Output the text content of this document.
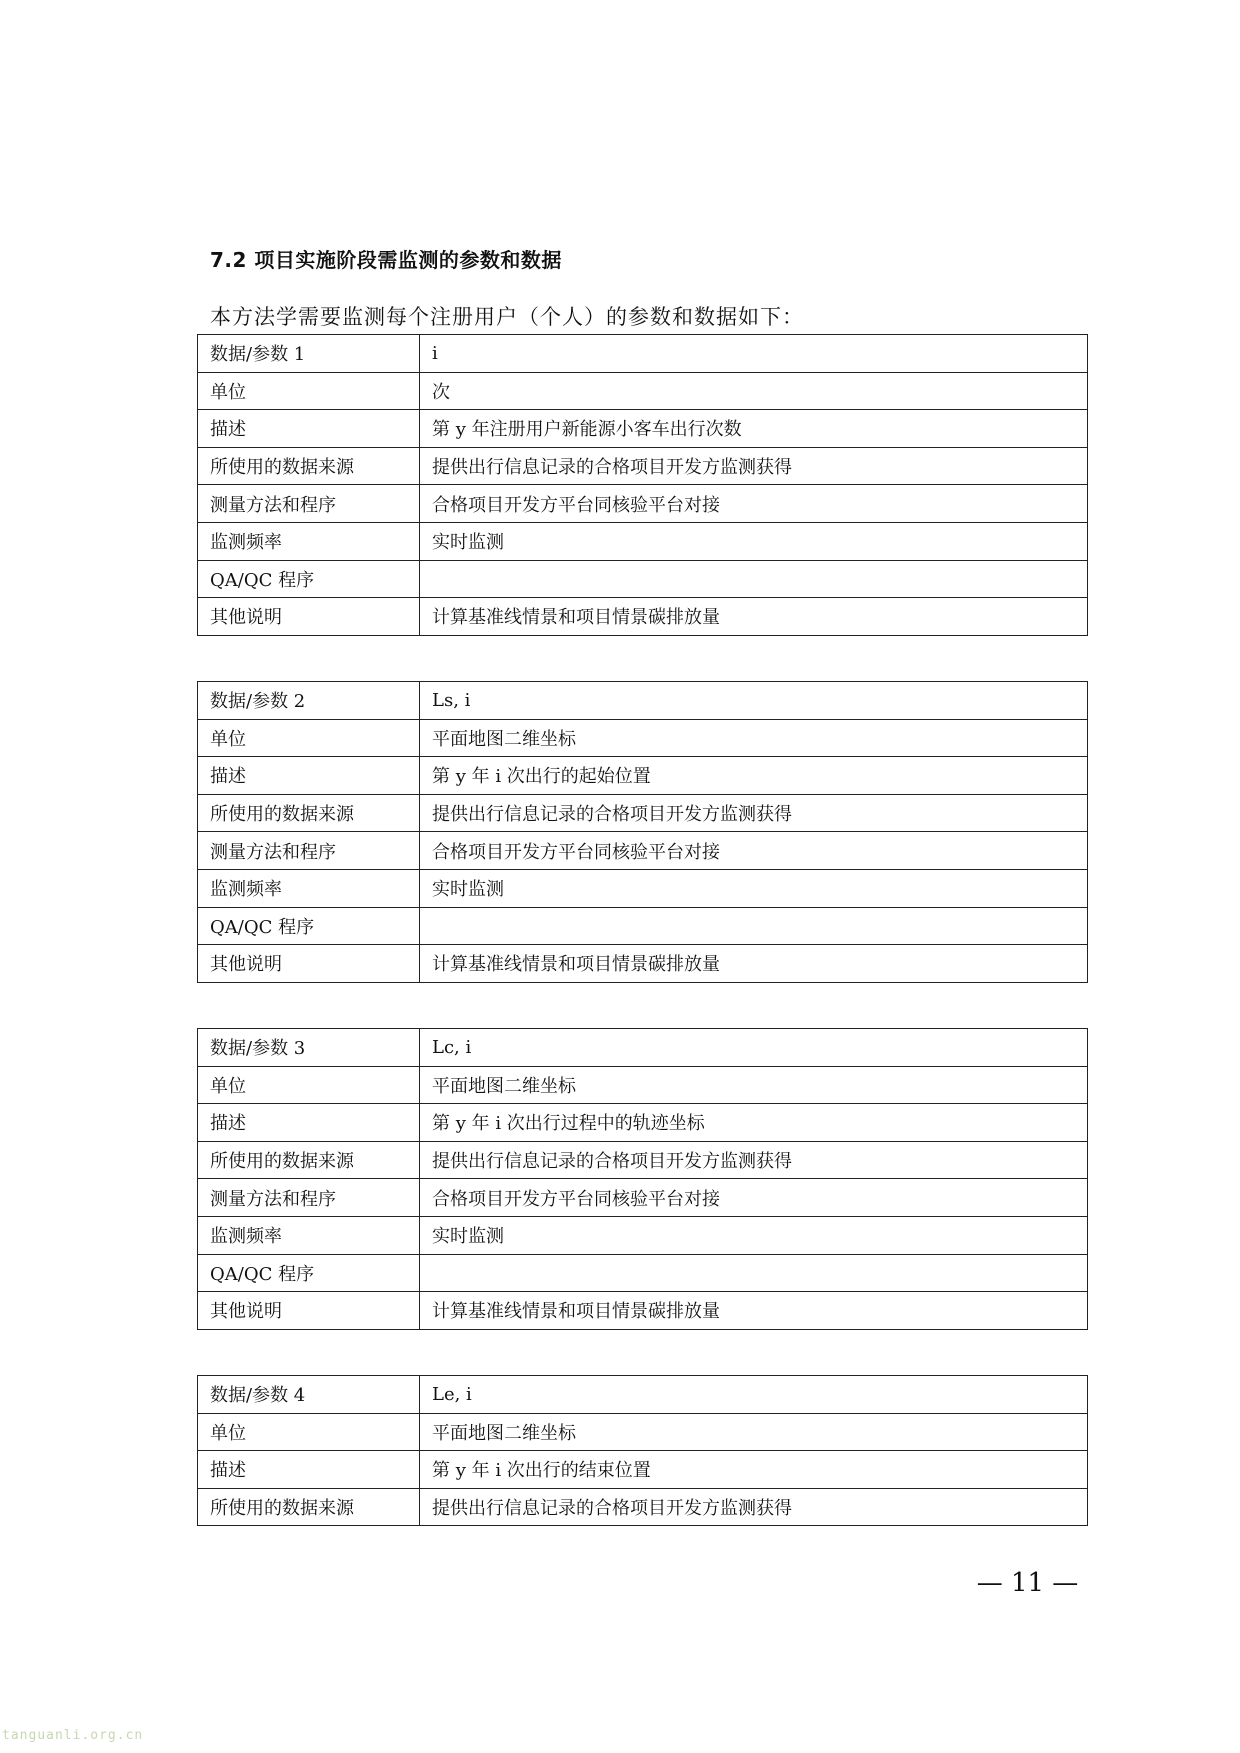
7.2 项目实施阶段需监测的参数和数据
本方法学需要监测每个注册用户（个人）的参数和数据如下：
数据/参数 1	i
单位	次
描述	第 y 年注册用户新能源小客车出行次数
所使用的数据来源	提供出行信息记录的合格项目开发方监测获得
测量方法和程序	合格项目开发方平台同核验平台对接
监测频率	实时监测
QA/QC 程序	
其他说明	计算基准线情景和项目情景碳排放量
数据/参数 2	Ls, i
单位	平面地图二维坐标
描述	第 y 年 i 次出行的起始位置
所使用的数据来源	提供出行信息记录的合格项目开发方监测获得
测量方法和程序	合格项目开发方平台同核验平台对接
监测频率	实时监测
QA/QC 程序	
其他说明	计算基准线情景和项目情景碳排放量
数据/参数 3	Lc, i
单位	平面地图二维坐标
描述	第 y 年 i 次出行过程中的轨迹坐标
所使用的数据来源	提供出行信息记录的合格项目开发方监测获得
测量方法和程序	合格项目开发方平台同核验平台对接
监测频率	实时监测
QA/QC 程序	
其他说明	计算基准线情景和项目情景碳排放量
数据/参数 4	Le, i
单位	平面地图二维坐标
描述	第 y 年 i 次出行的结束位置
所使用的数据来源	提供出行信息记录的合格项目开发方监测获得
— 11 —
tanguanli.org.cn
